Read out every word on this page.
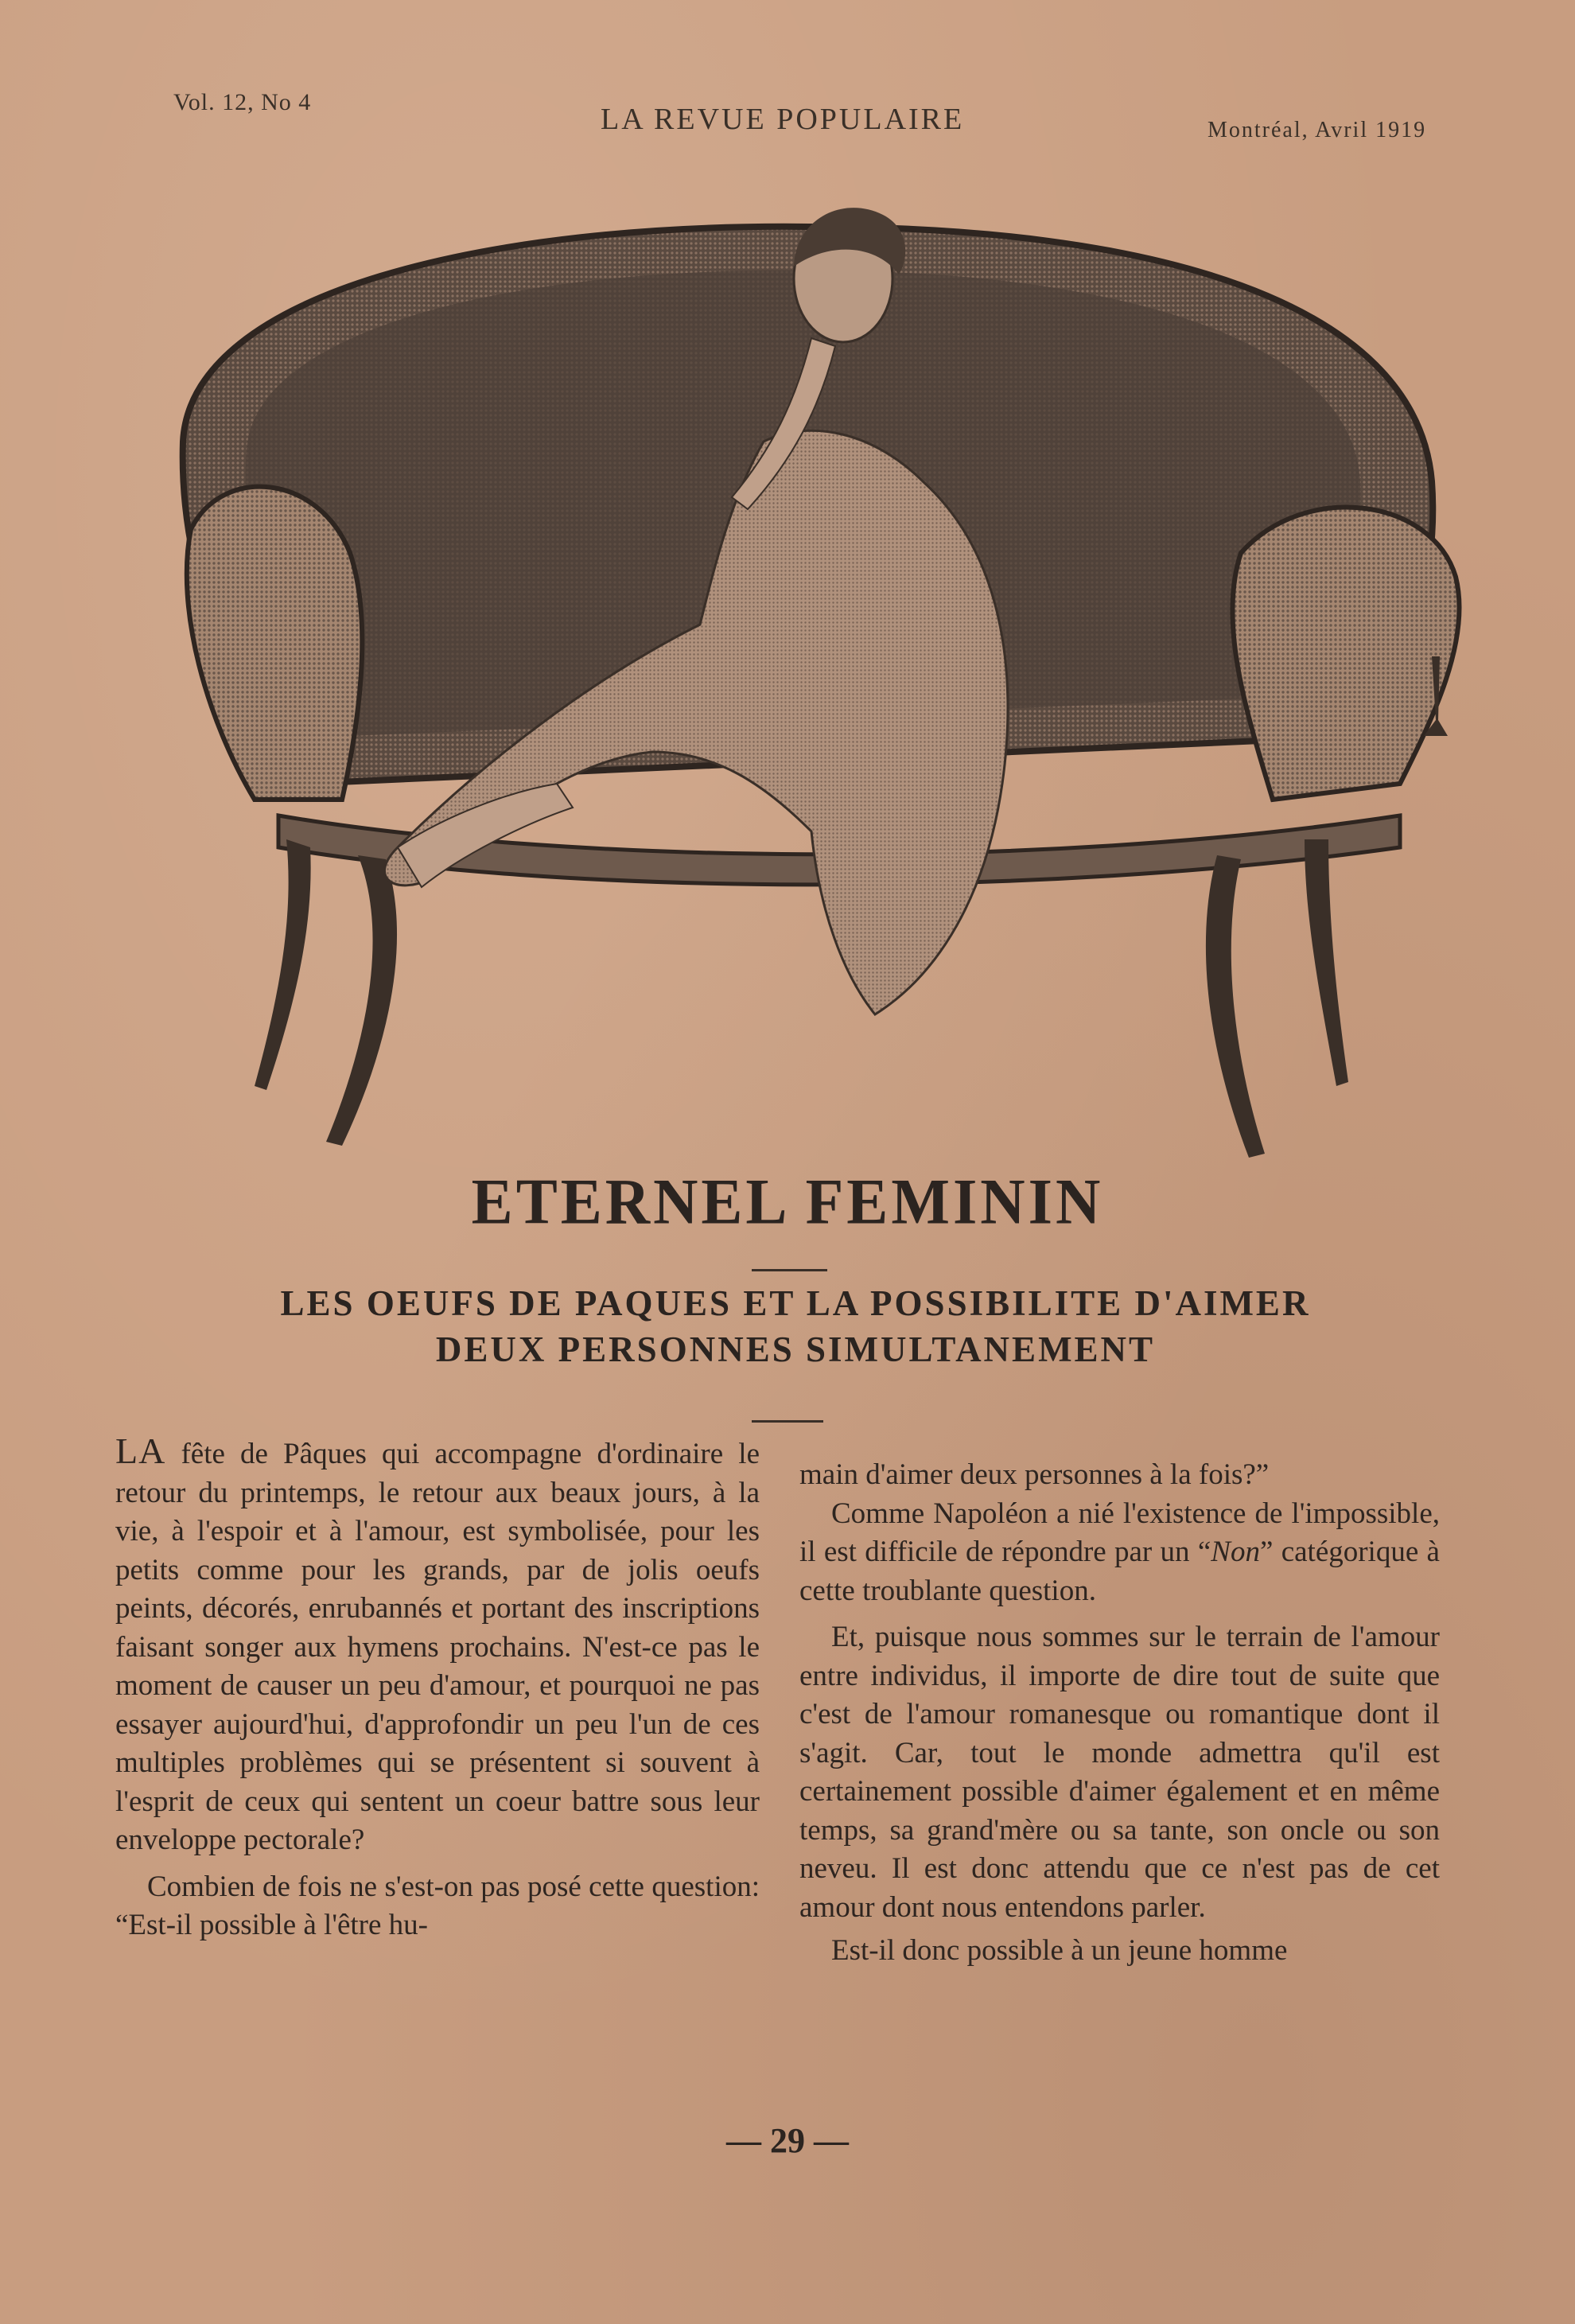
Vol. 12, No 4
LA REVUE POPULAIRE	Montréal, Avril 1919
ETERNEL FEMININ
LES OEUFS DE PAQUES ET LA POSSIBILITE D'AIMER
DEUX PERSONNES SIMULTANEMENT

LA fête de Pâques qui accompagne d'ordinaire le retour du printemps, le retour aux beaux jours, à la vie, à l'espoir et à l'amour, est symbolisée, pour les petits comme pour les grands, par de jolis oeufs peints, décorés, enrubannés et portant des inscriptions faisant songer aux hymens prochains. N'est-ce pas le moment de causer un peu d'amour, et pourquoi ne pas essayer aujourd'hui, d'approfondir un peu l'un de ces multiples problèmes qui se présentent si souvent à l'esprit de ceux qui sentent un coeur battre sous leur enveloppe pectorale?

Combien de fois ne s'est-on pas posé cette question: “Est-il possible à l'être hu-

main d'aimer deux personnes à la fois?”

Comme Napoléon a nié l'existence de l'impossible, il est difficile de répondre par un “Non” catégorique à cette troublante question.

Et, puisque nous sommes sur le terrain de l'amour entre individus, il importe de dire tout de suite que c'est de l'amour romanesque ou romantique dont il s'agit. Car, tout le monde admettra qu'il est certainement possible d'aimer également et en même temps, sa grand'mère ou sa tante, son oncle ou son neveu. Il est donc attendu que ce n'est pas de cet amour dont nous entendons parler.

Est-il donc possible à un jeune homme

— 29 —
